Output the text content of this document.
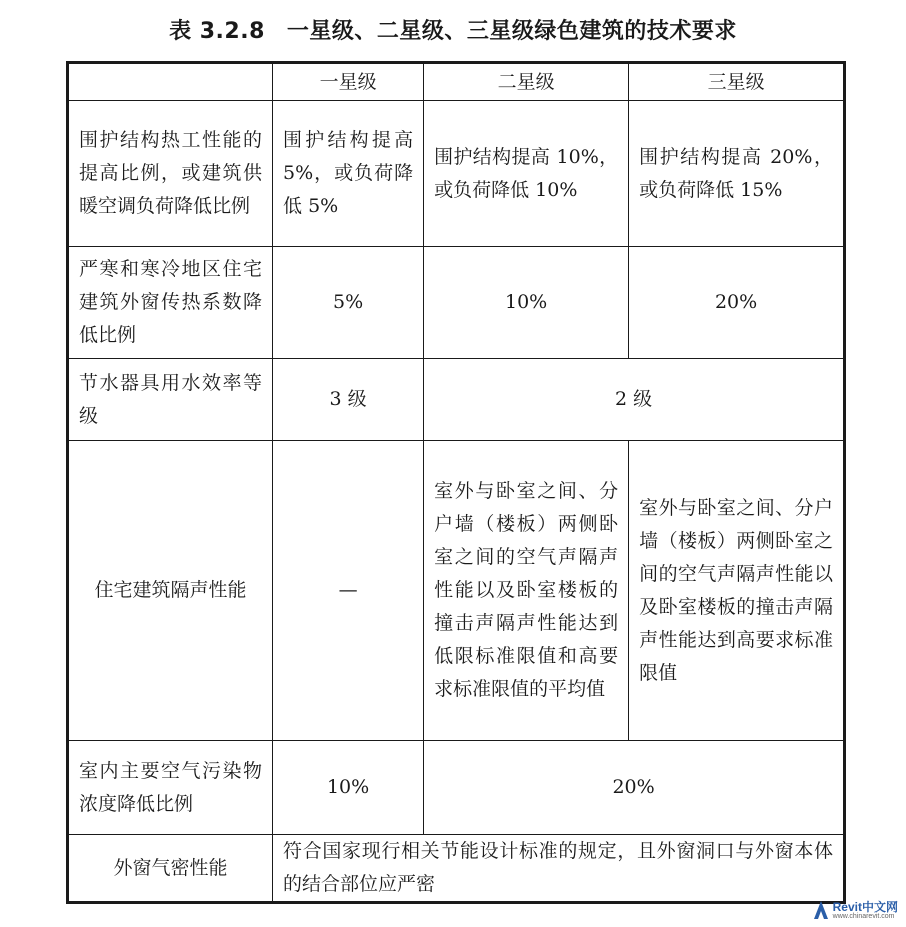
表 3.2.8 一星级、二星级、三星级绿色建筑的技术要求
	一星级	二星级	三星级
围护结构热工性能的提高比例，或建筑供暖空调负荷降低比例	围护结构提高 5%，或负荷降低 5%	围护结构提高 10%，或负荷降低 10%	围护结构提高 20%，或负荷降低 15%
严寒和寒冷地区住宅建筑外窗传热系数降低比例	5%	10%	20%
节水器具用水效率等级	3 级	2 级	
住宅建筑隔声性能	—	室外与卧室之间、分户墙（楼板）两侧卧室之间的空气声隔声性能以及卧室楼板的撞击声隔声性能达到低限标准限值和高要求标准限值的平均值	室外与卧室之间、分户墙（楼板）两侧卧室之间的空气声隔声性能以及卧室楼板的撞击声隔声性能达到高要求标准限值
室内主要空气污染物浓度降低比例	10%	20%	
外窗气密性能	符合国家现行相关节能设计标准的规定，且外窗洞口与外窗本体的结合部位应严密		
Revit中文网
www.chinarevit.com
